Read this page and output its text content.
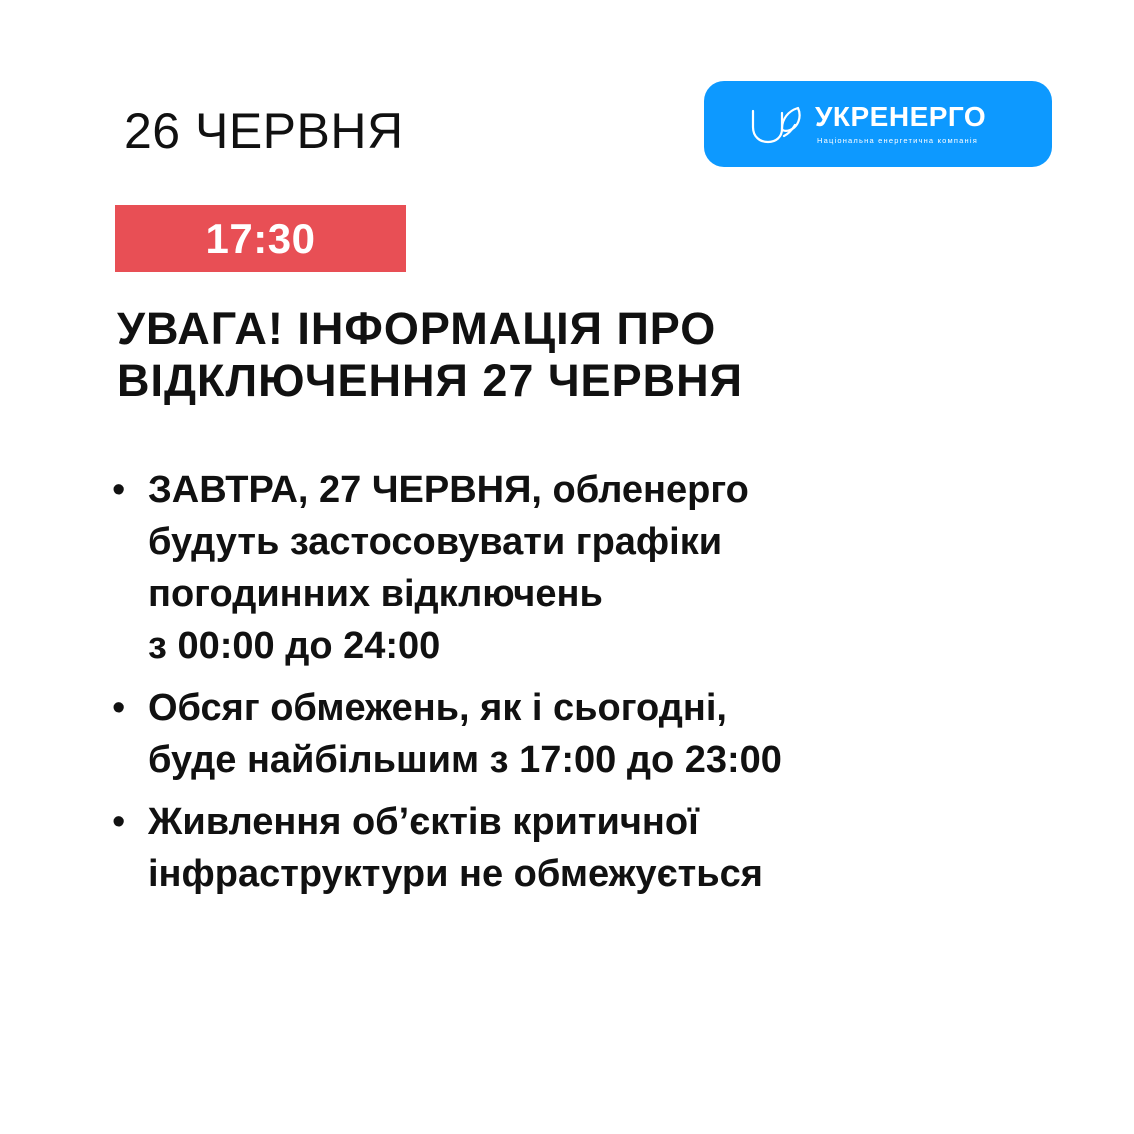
26 ЧЕРВНЯ	УКРЕНЕРГО
Національна енергетична компанія
17:30
УВАГА! ІНФОРМАЦІЯ ПРО
ВІДКЛЮЧЕННЯ 27 ЧЕРВНЯ
• ЗАВТРА, 27 ЧЕРВНЯ, обленерго
будуть застосовувати графіки
погодинних відключень
з 00:00 до 24:00
• Обсяг обмежень, як і сьогодні,
буде найбільшим з 17:00 до 23:00
• Живлення об’єктів критичної
інфраструктури не обмежується
